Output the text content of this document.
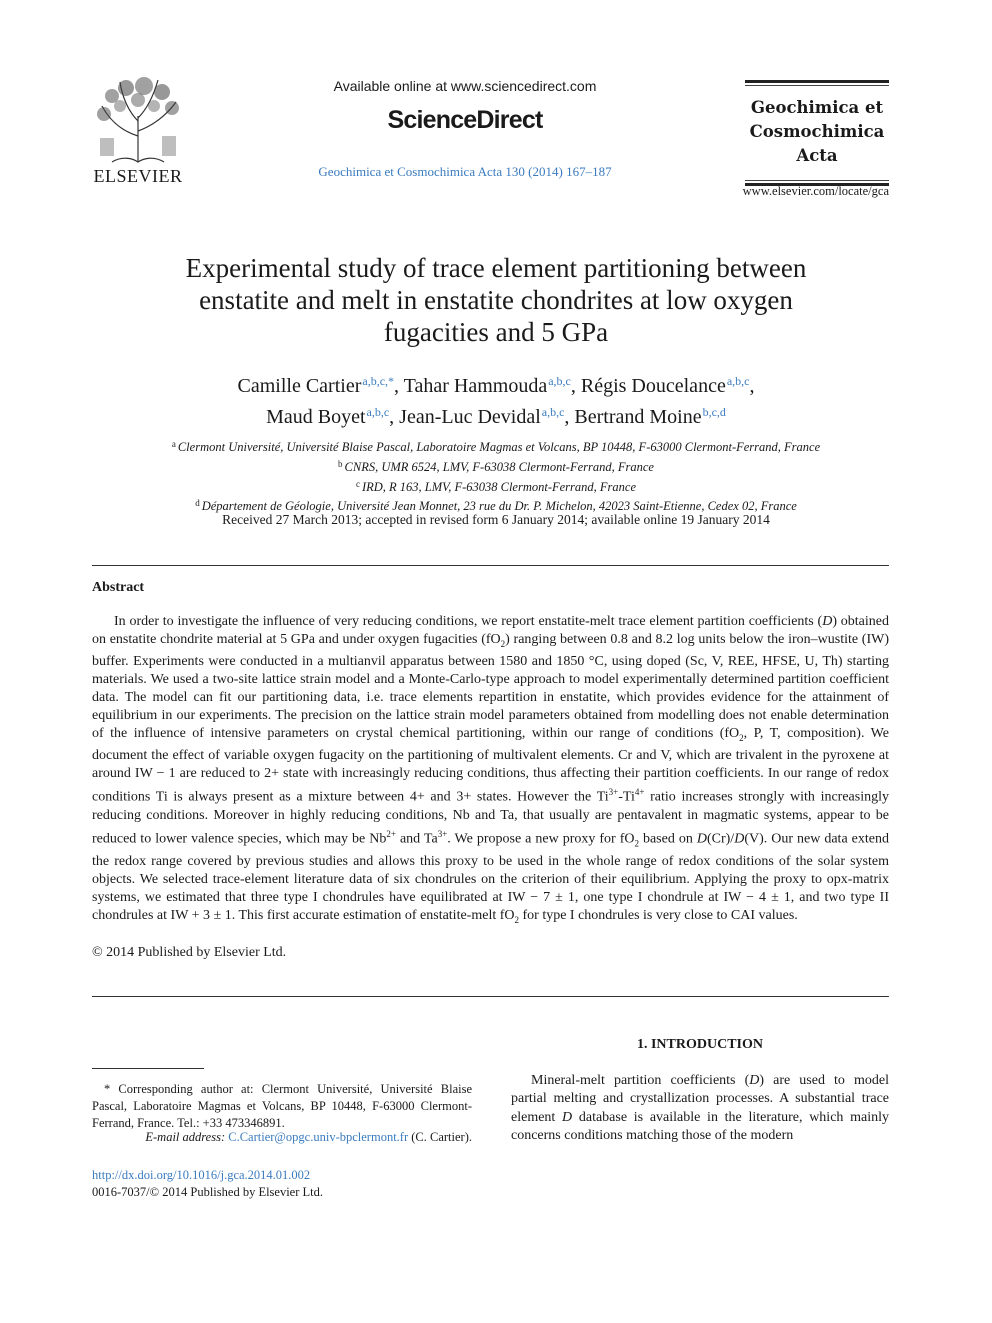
ELSEVIER
Available online at www.sciencedirect.com
ScienceDirect
Geochimica et Cosmochimica Acta 130 (2014) 167–187
Geochimica et
Cosmochimica
Acta
www.elsevier.com/locate/gca
Experimental study of trace element partitioning between
enstatite and melt in enstatite chondrites at low oxygen
fugacities and 5 GPa
Camille Cartier$^{a,b,c,*}$, Tahar Hammouda$^{a,b,c}$, Régis Doucelance$^{a,b,c}$,
Maud Boyet$^{a,b,c}$, Jean-Luc Devidal$^{a,b,c}$, Bertrand Moine$^{b,c,d}$
$^a$ Clermont Université, Université Blaise Pascal, Laboratoire Magmas et Volcans, BP 10448, F-63000 Clermont-Ferrand, France
$^b$ CNRS, UMR 6524, LMV, F-63038 Clermont-Ferrand, France
$^c$ IRD, R 163, LMV, F-63038 Clermont-Ferrand, France
$^d$ Département de Géologie, Université Jean Monnet, 23 rue du Dr. P. Michelon, 42023 Saint-Etienne, Cedex 02, France
Received 27 March 2013; accepted in revised form 6 January 2014; available online 19 January 2014
Abstract

In order to investigate the influence of very reducing conditions, we report enstatite-melt trace element partition coefficients (D) obtained on enstatite chondrite material at 5 GPa and under oxygen fugacities $(fO_2)$ ranging between 0.8 and 8.2 log units below the iron–wustite (IW) buffer. Experiments were conducted in a multianvil apparatus between 1580 and 1850 °C, using doped (Sc, V, REE, HFSE, U, Th) starting materials. We used a two-site lattice strain model and a Monte-Carlo-type approach to model experimentally determined partition coefficient data. The model can fit our partitioning data, i.e. trace elements repartition in enstatite, which provides evidence for the attainment of equilibrium in our experiments. The precision on the lattice strain model parameters obtained from modelling does not enable determination of the influence of intensive parameters on crystal chemical partitioning, within our range of conditions ($fO_2$, P, T, composition). We document the effect of variable oxygen fugacity on the partitioning of multivalent elements. Cr and V, which are trivalent in the pyroxene at around IW − 1 are reduced to 2+ state with increasingly reducing conditions, thus affecting their partition coefficients. In our range of redox conditions Ti is always present as a mixture between 4+ and 3+ states. However the $Ti^{3+}-Ti^{4+}$ ratio increases strongly with increasingly reducing conditions. Moreover in highly reducing conditions, Nb and Ta, that usually are pentavalent in magmatic systems, appear to be reduced to lower valence species, which may be $Nb^{2+}$ and $Ta^{3+}$. We propose a new proxy for $fO_2$ based on D(Cr)/D(V). Our new data extend the redox range covered by previous studies and allows this proxy to be used in the whole range of redox conditions of the solar system objects. We selected trace-element literature data of six chondrules on the criterion of their equilibrium. Applying the proxy to opx-matrix systems, we estimated that three type I chondrules have equilibrated at IW − 7 ± 1, one type I chondrule at IW − 4 ± 1, and two type II chondrules at IW + 3 ± 1. This first accurate estimation of enstatite-melt $fO_2$ for type I chondrules is very close to CAI values.

© 2014 Published by Elsevier Ltd.
1. INTRODUCTION

Mineral-melt partition coefficients (D) are used to model partial melting and crystallization processes. A substantial trace element D database is available in the literature, which mainly concerns conditions matching those of the modern

* Corresponding author at: Clermont Université, Université Blaise Pascal, Laboratoire Magmas et Volcans, BP 10448, F-63000 Clermont-Ferrand, France. Tel.: +33 473346891.

E-mail address: C.Cartier@opgc.univ-bpclermont.fr (C. Cartier).
http://dx.doi.org/10.1016/j.gca.2014.01.002
0016-7037/© 2014 Published by Elsevier Ltd.
